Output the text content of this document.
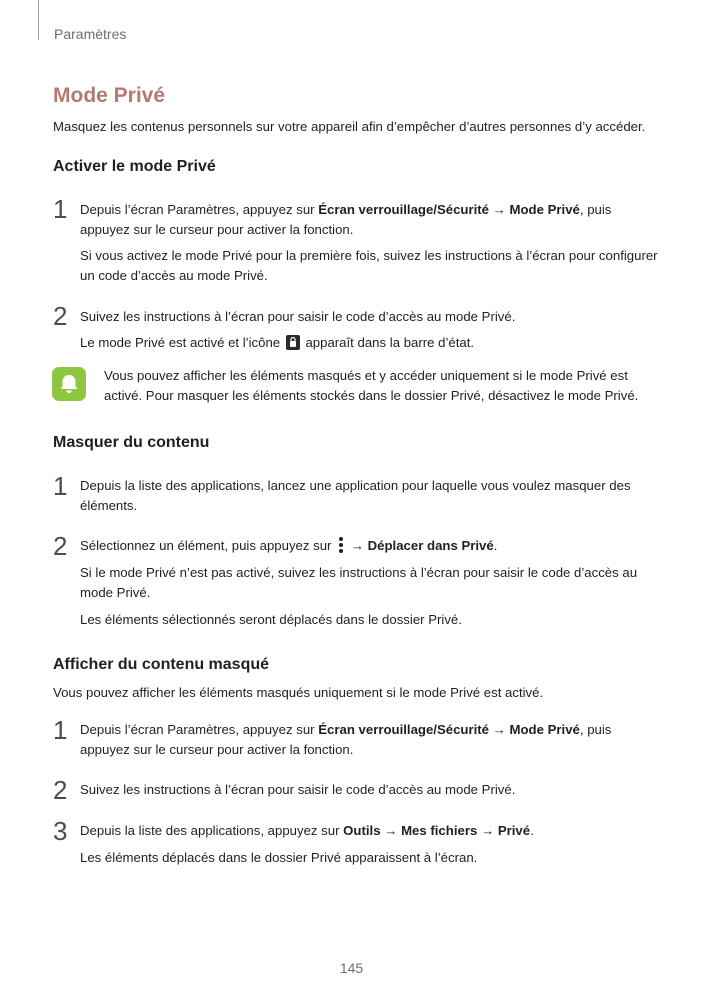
Paramètres
Mode Privé

Masquez les contenus personnels sur votre appareil afin d’empêcher d’autres personnes d’y accéder.

Activer le mode Privé
1 Depuis l’écran Paramètres, appuyez sur Écran verrouillage/Sécurité → Mode Privé, puis appuyez sur le curseur pour activer la fonction.

Si vous activez le mode Privé pour la première fois, suivez les instructions à l’écran pour configurer un code d’accès au mode Privé.

2 Suivez les instructions à l’écran pour saisir le code d’accès au mode Privé.

Le mode Privé est activé et l’icône  apparaît dans la barre d’état.

Vous pouvez afficher les éléments masqués et y accéder uniquement si le mode Privé est activé. Pour masquer les éléments stockés dans le dossier Privé, désactivez le mode Privé.

Masquer du contenu
1 Depuis la liste des applications, lancez une application pour laquelle vous voulez masquer des éléments.

2 Sélectionnez un élément, puis appuyez sur  → Déplacer dans Privé.

Si le mode Privé n’est pas activé, suivez les instructions à l’écran pour saisir le code d’accès au mode Privé.

Les éléments sélectionnés seront déplacés dans le dossier Privé.

Afficher du contenu masqué

Vous pouvez afficher les éléments masqués uniquement si le mode Privé est activé.

1 Depuis l’écran Paramètres, appuyez sur Écran verrouillage/Sécurité → Mode Privé, puis appuyez sur le curseur pour activer la fonction.

2 Suivez les instructions à l’écran pour saisir le code d’accès au mode Privé.

3 Depuis la liste des applications, appuyez sur Outils → Mes fichiers → Privé.

Les éléments déplacés dans le dossier Privé apparaissent à l’écran.

145
